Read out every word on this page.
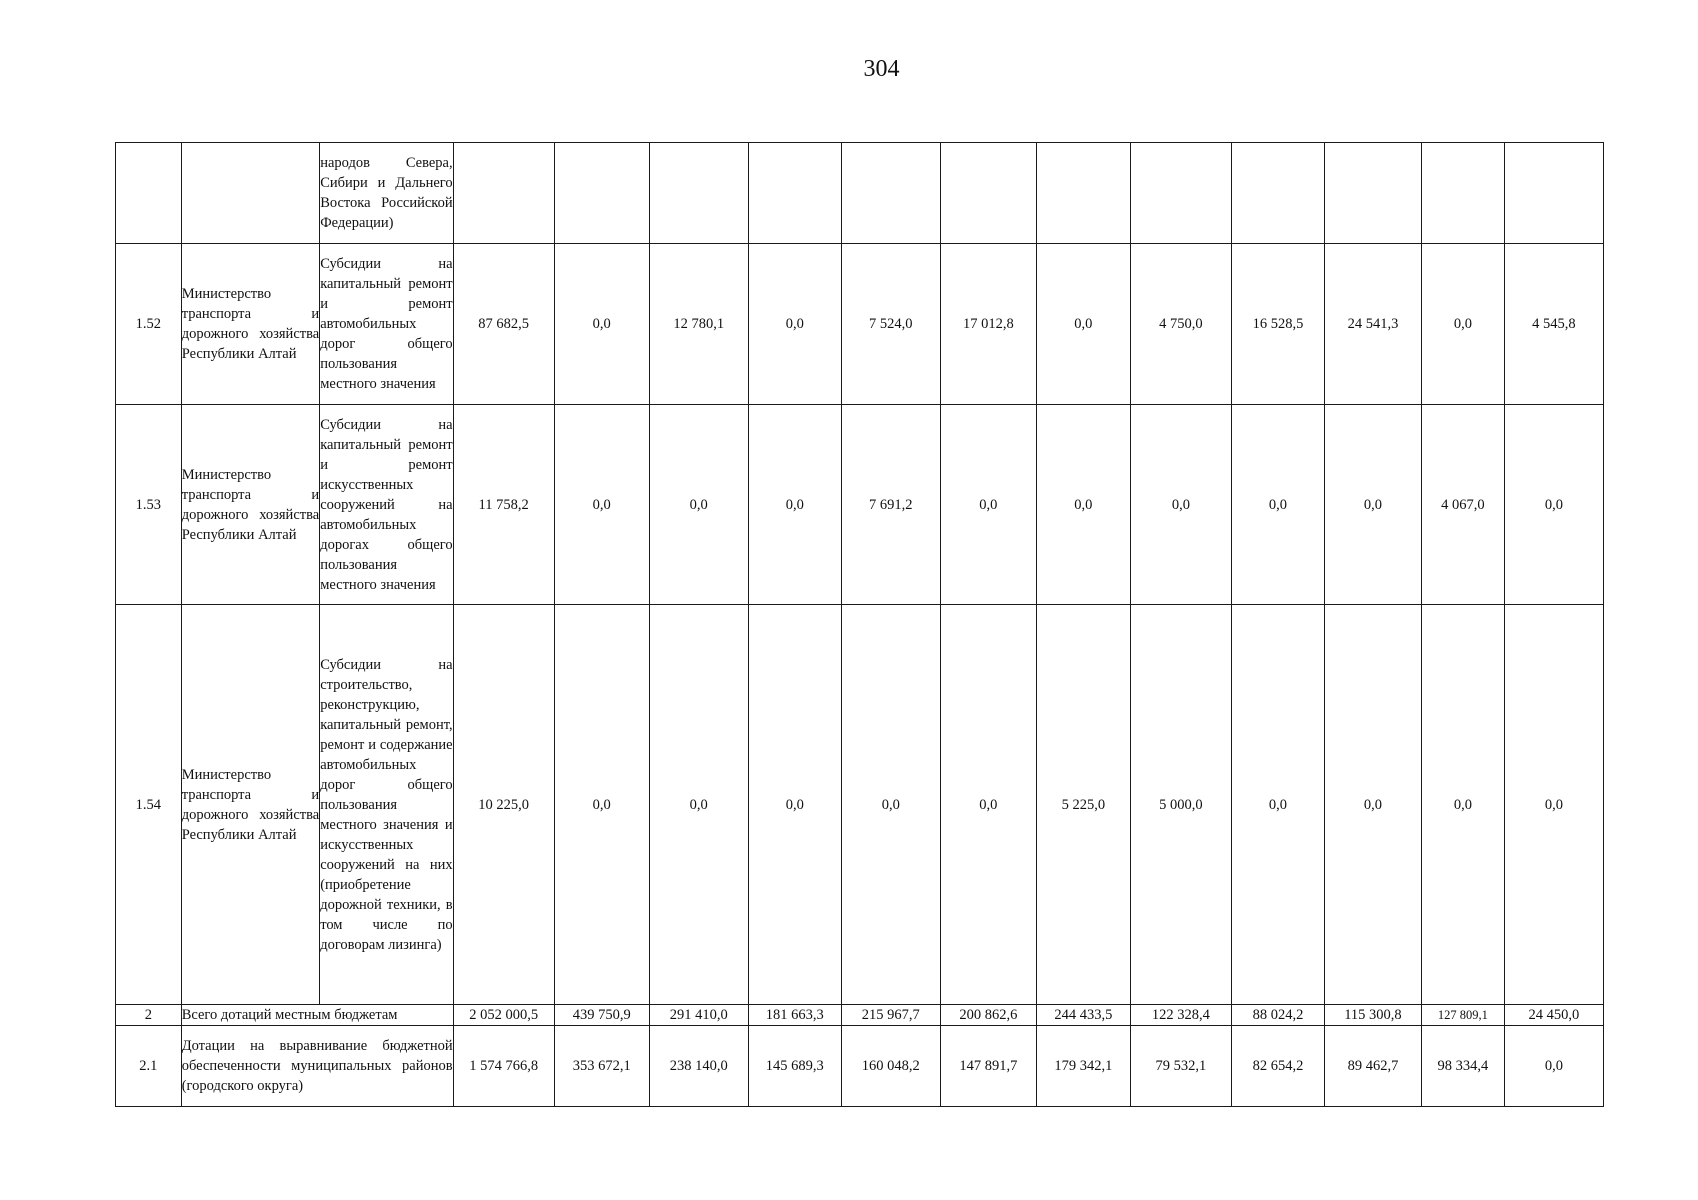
304
		народов Севера, Сибири и Дальнего Востока Российской Федерации)												
1.52	Министерство транспорта и дорожного хозяйства Республики Алтай	Субсидии на капитальный ремонт и ремонт автомобильных дорог общего пользования местного значения	87 682,5	0,0	12 780,1	0,0	7 524,0	17 012,8	0,0	4 750,0	16 528,5	24 541,3	0,0	4 545,8
1.53	Министерство транспорта и дорожного хозяйства Республики Алтай	Субсидии на капитальный ремонт и ремонт искусственных сооружений на автомобильных дорогах общего пользования местного значения	11 758,2	0,0	0,0	0,0	7 691,2	0,0	0,0	0,0	0,0	0,0	4 067,0	0,0
1.54	Министерство транспорта и дорожного хозяйства Республики Алтай	Субсидии на строительство, реконструкцию, капитальный ремонт, ремонт и содержание автомобильных дорог общего пользования местного значения и искусственных сооружений на них (приобретение дорожной техники, в том числе по договорам лизинга)	10 225,0	0,0	0,0	0,0	0,0	0,0	5 225,0	5 000,0	0,0	0,0	0,0	0,0
2	Всего дотаций местным бюджетам		2 052 000,5	439 750,9	291 410,0	181 663,3	215 967,7	200 862,6	244 433,5	122 328,4	88 024,2	115 300,8	127 809,1	24 450,0
2.1	Дотации на выравнивание бюджетной обеспеченности муниципальных районов (городского округа)		1 574 766,8	353 672,1	238 140,0	145 689,3	160 048,2	147 891,7	179 342,1	79 532,1	82 654,2	89 462,7	98 334,4	0,0
